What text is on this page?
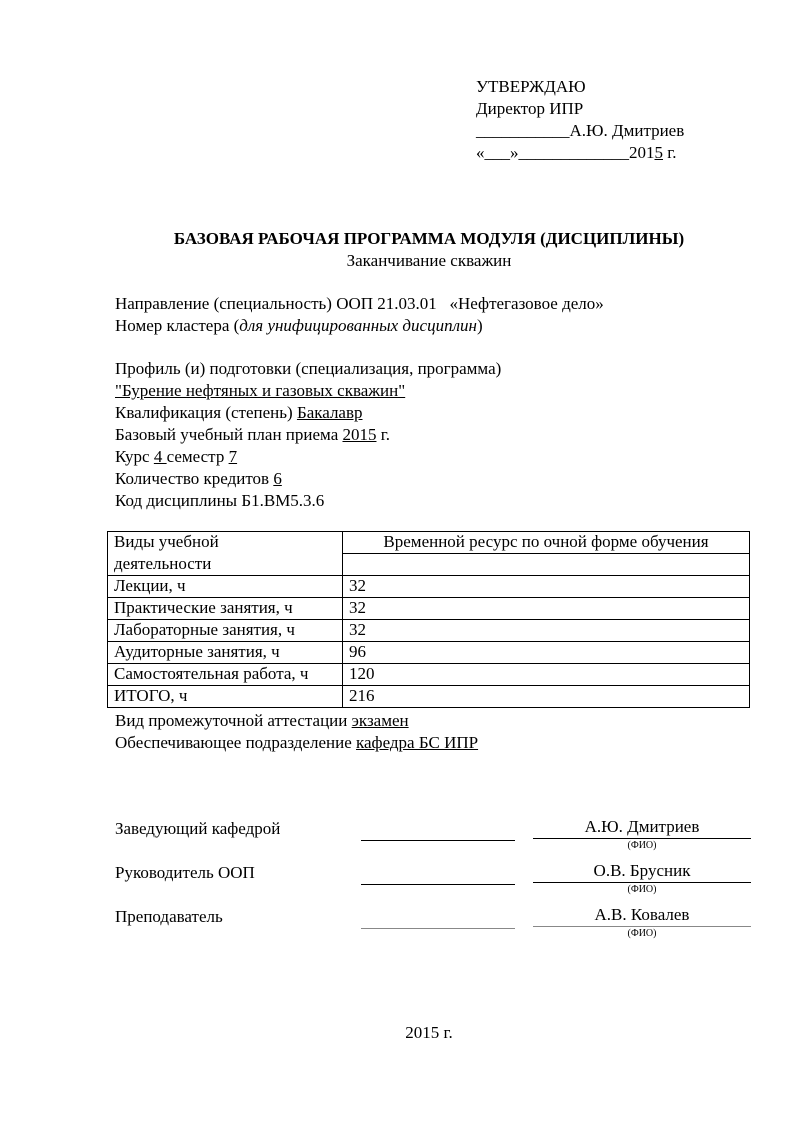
УТВЕРЖДАЮ
Директор ИПР
___________А.Ю. Дмитриев
«___»_____________2015 г.
БАЗОВАЯ РАБОЧАЯ ПРОГРАММА МОДУЛЯ (ДИСЦИПЛИНЫ)
Заканчивание скважин
Направление (специальность) ООП 21.03.01 «Нефтегазовое дело»
Номер кластера (для унифицированных дисциплин)
Профиль (и) подготовки (специализация, программа)
"Бурение нефтяных и газовых скважин"
Квалификация (степень) Бакалавр
Базовый учебный план приема 2015 г.
Курс 4 семестр 7
Количество кредитов 6
Код дисциплины Б1.ВМ5.3.6
Виды учебной	Временной ресурс по очной форме обучения
деятельности	
Лекции, ч	32
Практические занятия, ч	32
Лабораторные занятия, ч	32
Аудиторные занятия, ч	96
Самостоятельная работа, ч	120
ИТОГО, ч	216
Вид промежуточной аттестации экзамен
Обеспечивающее подразделение кафедра БС ИПР
Заведующий кафедрой	А.Ю. Дмитриев
(ФИО)
Руководитель ООП	О.В. Брусник
(ФИО)
Преподаватель	А.В. Ковалев
(ФИО)
2015 г.
